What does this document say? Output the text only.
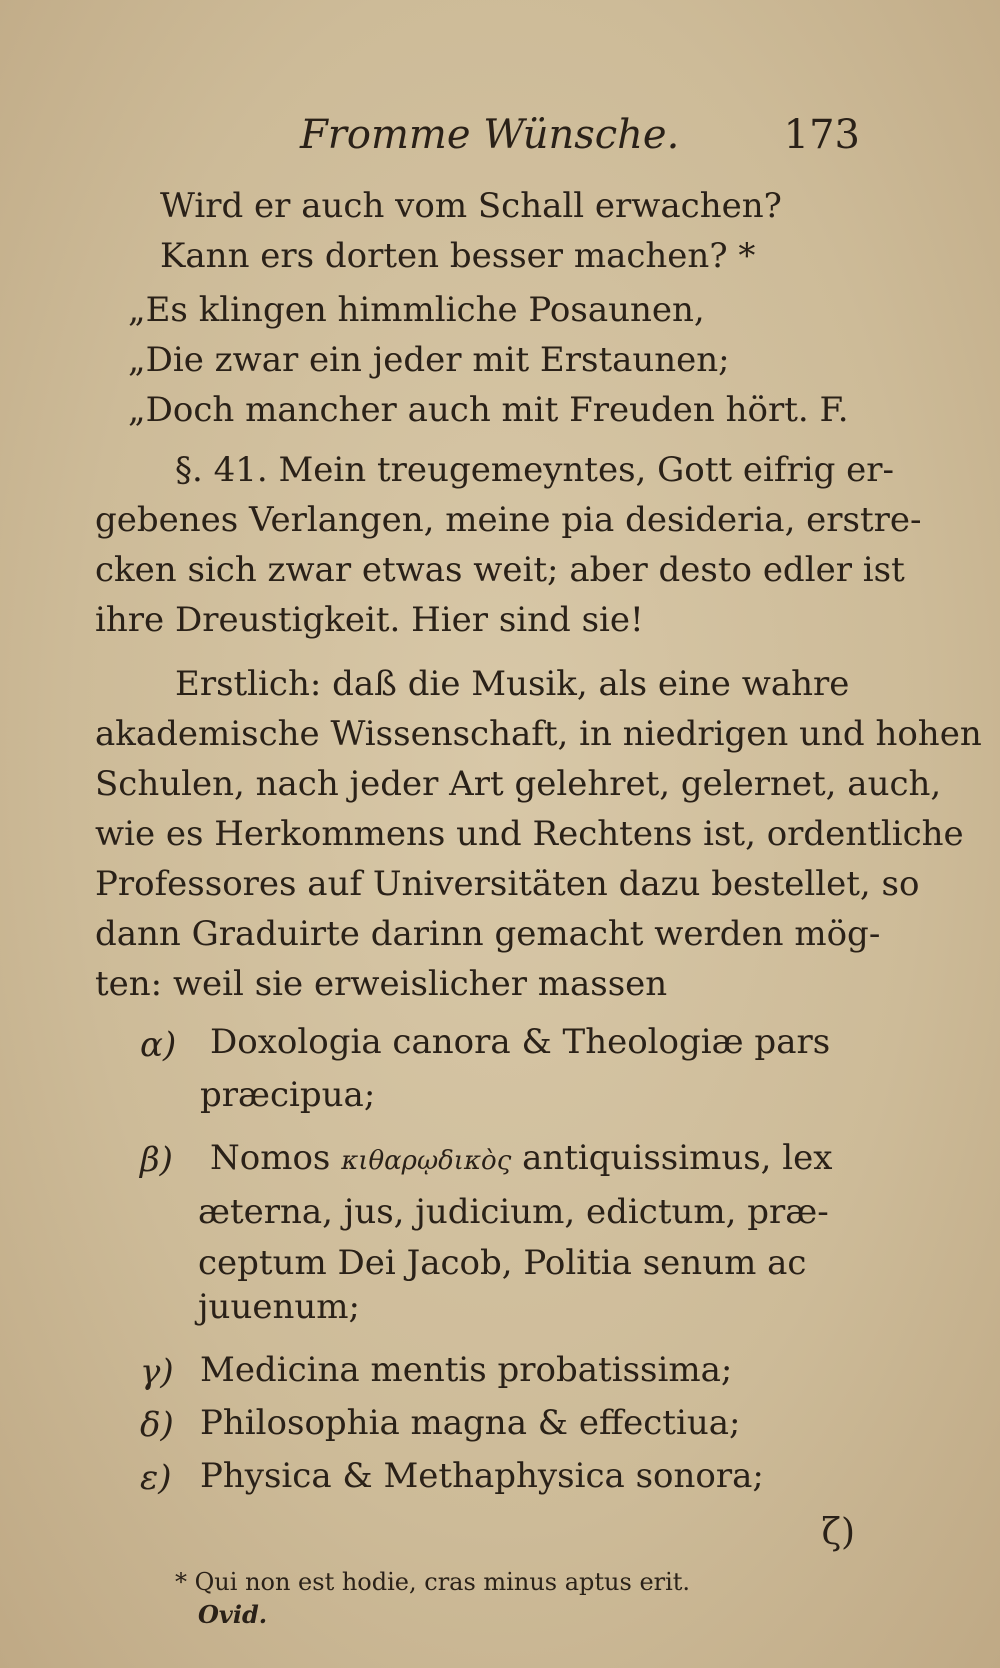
Fromme Wünsche.	173
Wird er auch vom Schall erwachen?
Kann ers dorten besser machen? *
„Es klingen himmliche Posaunen,
„Die zwar ein jeder mit Erstaunen;
„Doch mancher auch mit Freuden hört. F.
§. 41. Mein treugemeyntes, Gott eifrig er-
gebenes Verlangen, meine pia desideria, erstre-
cken sich zwar etwas weit; aber desto edler ist
ihre Dreustigkeit. Hier sind sie!
Erstlich: daß die Musik, als eine wahre
akademische Wissenschaft, in niedrigen und hohen
Schulen, nach jeder Art gelehret, gelernet, auch,
wie es Herkommens und Rechtens ist, ordentliche
Professores auf Universitäten dazu bestellet, so
dann Graduirte darinn gemacht werden mög-
ten: weil sie erweislicher massen
α) Doxologia canora & Theologiæ pars
præcipua;
β) Nomos κιθαρῳδικὸς antiquissimus, lex
æterna, jus, judicium, edictum, præ-
ceptum Dei Jacob, Politia senum ac
juuenum;
γ) Medicina mentis probatissima;
δ) Philosophia magna & effectiua;
ε) Physica & Methaphysica sonora;
ζ)
* Qui non est hodie, cras minus aptus erit.
Ovid.
